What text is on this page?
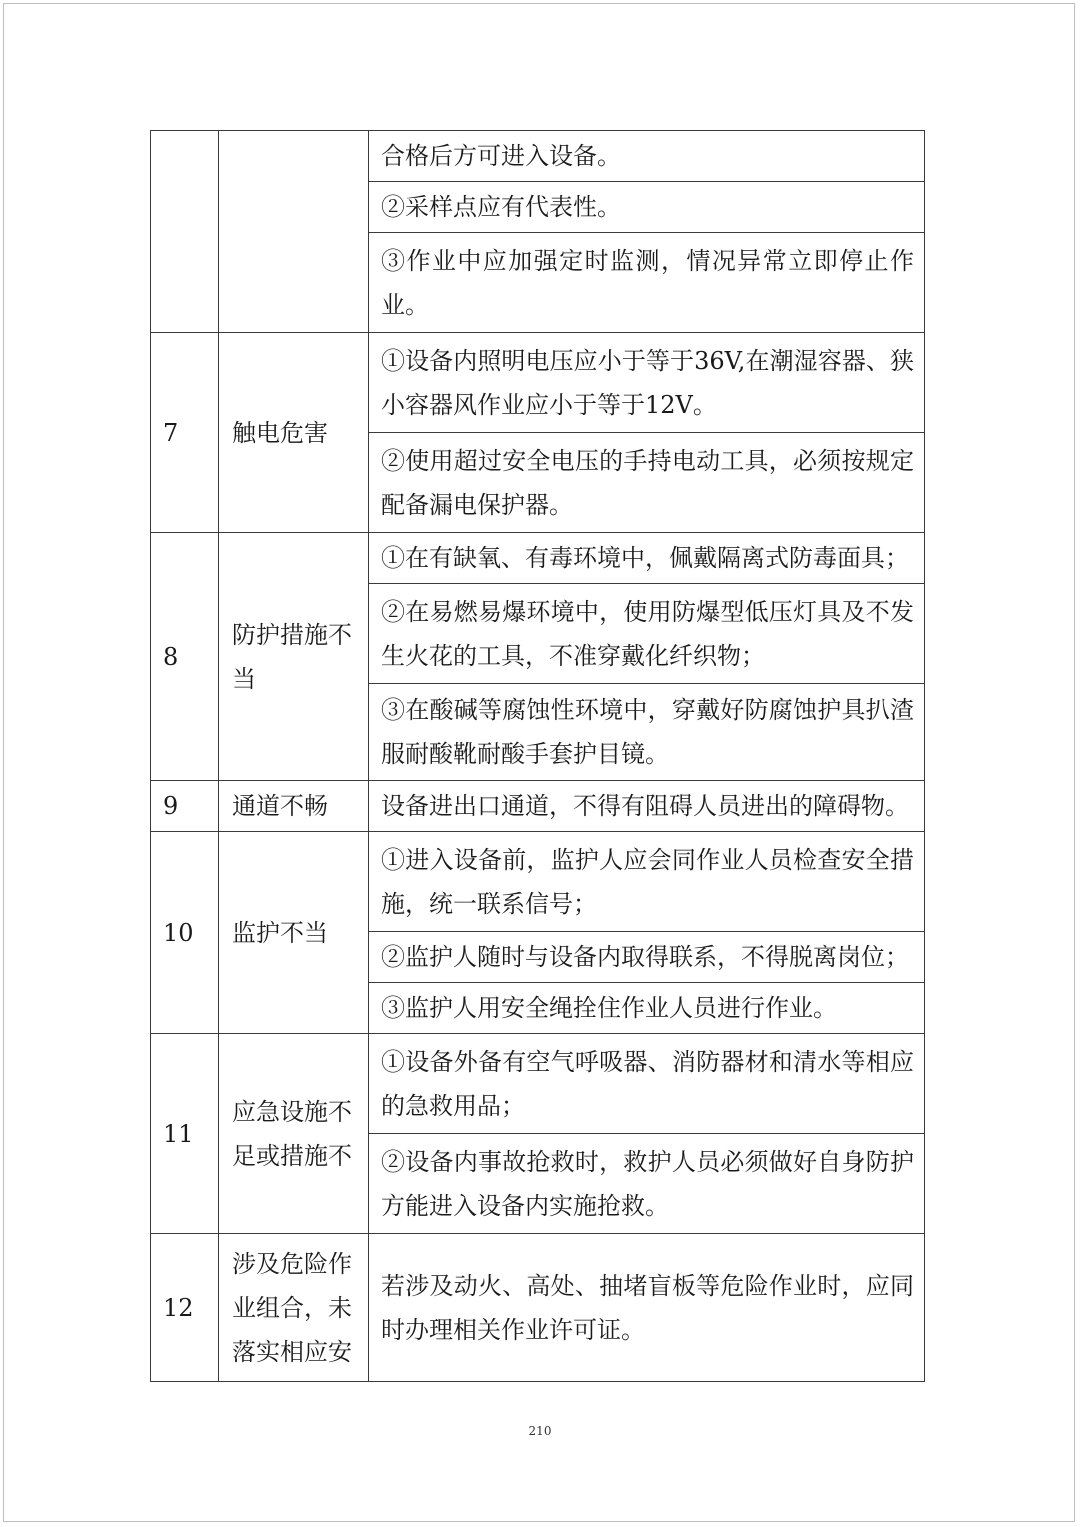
		合格后方可进入设备。
		②采样点应有代表性。
		③作业中应加强定时监测，情况异常立即停止作业。
7	触电危害	①设备内照明电压应小于等于36V,在潮湿容器、狭小容器风作业应小于等于12V。
		②使用超过安全电压的手持电动工具，必须按规定配备漏电保护器。
8	防护措施不当	①在有缺氧、有毒环境中，佩戴隔离式防毒面具；
		②在易燃易爆环境中，使用防爆型低压灯具及不发生火花的工具，不准穿戴化纤织物；
		③在酸碱等腐蚀性环境中，穿戴好防腐蚀护具扒渣服耐酸靴耐酸手套护目镜。
9	通道不畅	设备进出口通道，不得有阻碍人员进出的障碍物。
10	监护不当	①进入设备前，监护人应会同作业人员检查安全措施，统一联系信号；
		②监护人随时与设备内取得联系，不得脱离岗位；
		③监护人用安全绳拴住作业人员进行作业。
11	应急设施不足或措施不	①设备外备有空气呼吸器、消防器材和清水等相应的急救用品；
		②设备内事故抢救时，救护人员必须做好自身防护方能进入设备内实施抢救。
12	涉及危险作业组合，未落实相应安	若涉及动火、高处、抽堵盲板等危险作业时，应同时办理相关作业许可证。
210
